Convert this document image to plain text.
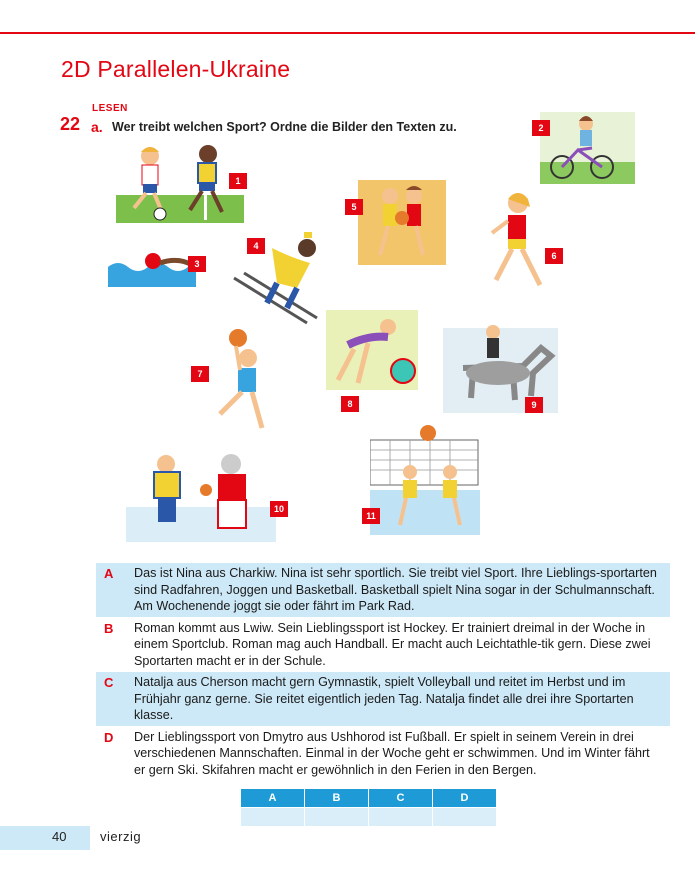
2D Parallelen-Ukraine
LESEN
22 a. Wer treibt welchen Sport? Ordne die Bilder den Texten zu.
1
2
3
4
5
6
7
8	9
10
11
A	Das ist Nina aus Charkiw. Nina ist sehr sportlich. Sie treibt viel Sport. Ihre Lieblings-sportarten sind Radfahren, Joggen und Basketball. Basketball spielt Nina sogar in der Schulmannschaft. Am Wochenende joggt sie oder fährt im Park Rad.
B	Roman kommt aus Lwiw. Sein Lieblingssport ist Hockey. Er trainiert dreimal in der Woche in einem Sportclub. Roman mag auch Handball. Er macht auch Leichtathle-tik gern. Diese zwei Sportarten macht er in der Schule.
C	Natalja aus Cherson macht gern Gymnastik, spielt Volleyball und reitet im Herbst und im Frühjahr ganz gerne. Sie reitet eigentlich jeden Tag. Natalja findet alle drei ihre Sportarten klasse.
D	Der Lieblingssport von Dmytro aus Ushhorod ist Fußball. Er spielt in seinem Verein in drei verschiedenen Mannschaften. Einmal in der Woche geht er schwimmen. Und im Winter fährt er gern Ski. Skifahren macht er gewöhnlich in den Ferien in den Bergen.
A	B	C	D

40	vierzig
